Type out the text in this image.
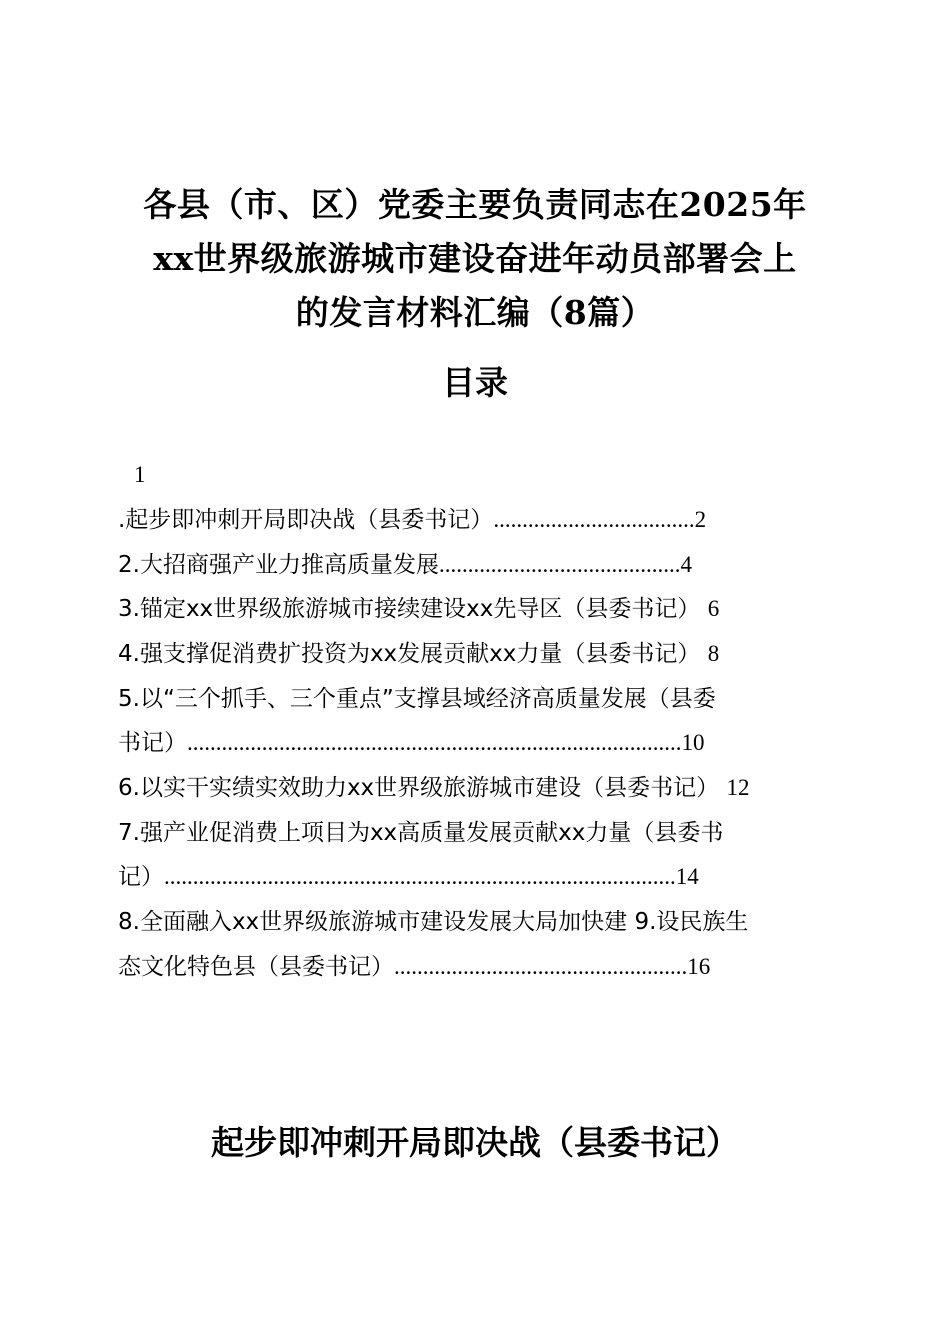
各县（市、区）党委主要负责同志在2025年
xx世界级旅游城市建设奋进年动员部署会上
的发言材料汇编（8篇）
目录
1
.起步即冲刺开局即决战（县委书记）...................................2
2.大招商强产业力推高质量发展..........................................4
3.锚定xx世界级旅游城市接续建设xx先导区（县委书记） 6
4.强支撑促消费扩投资为xx发展贡献xx力量（县委书记） 8
5.以“三个抓手、三个重点”支撑县域经济高质量发展（县委
书记）......................................................................................10
6.以实干实绩实效助力xx世界级旅游城市建设（县委书记） 12
7.强产业促消费上项目为xx高质量发展贡献xx力量（县委书
记）.........................................................................................14
8.全面融入xx世界级旅游城市建设发展大局加快建 9.设民族生
态文化特色县（县委书记）...................................................16
起步即冲刺开局即决战（县委书记）
